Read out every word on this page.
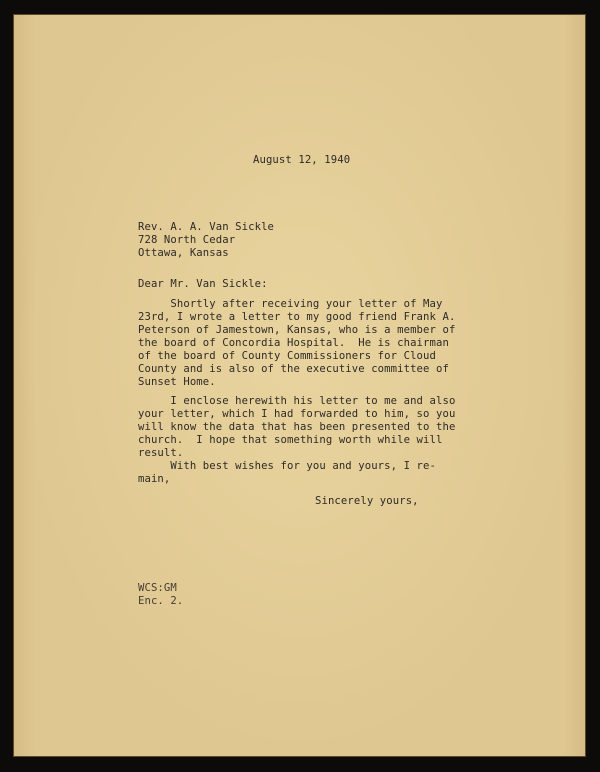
August 12, 1940
Rev. A. A. Van Sickle
728 North Cedar
Ottawa, Kansas
Dear Mr. Van Sickle:
Shortly after receiving your letter of May
23rd, I wrote a letter to my good friend Frank A.
Peterson of Jamestown, Kansas, who is a member of
the board of Concordia Hospital.  He is chairman
of the board of County Commissioners for Cloud
County and is also of the executive committee of
Sunset Home.
I enclose herewith his letter to me and also
your letter, which I had forwarded to him, so you
will know the data that has been presented to the
church.  I hope that something worth while will
result.
With best wishes for you and yours, I re-
main,
Sincerely yours,
WCS:GM
Enc. 2.
